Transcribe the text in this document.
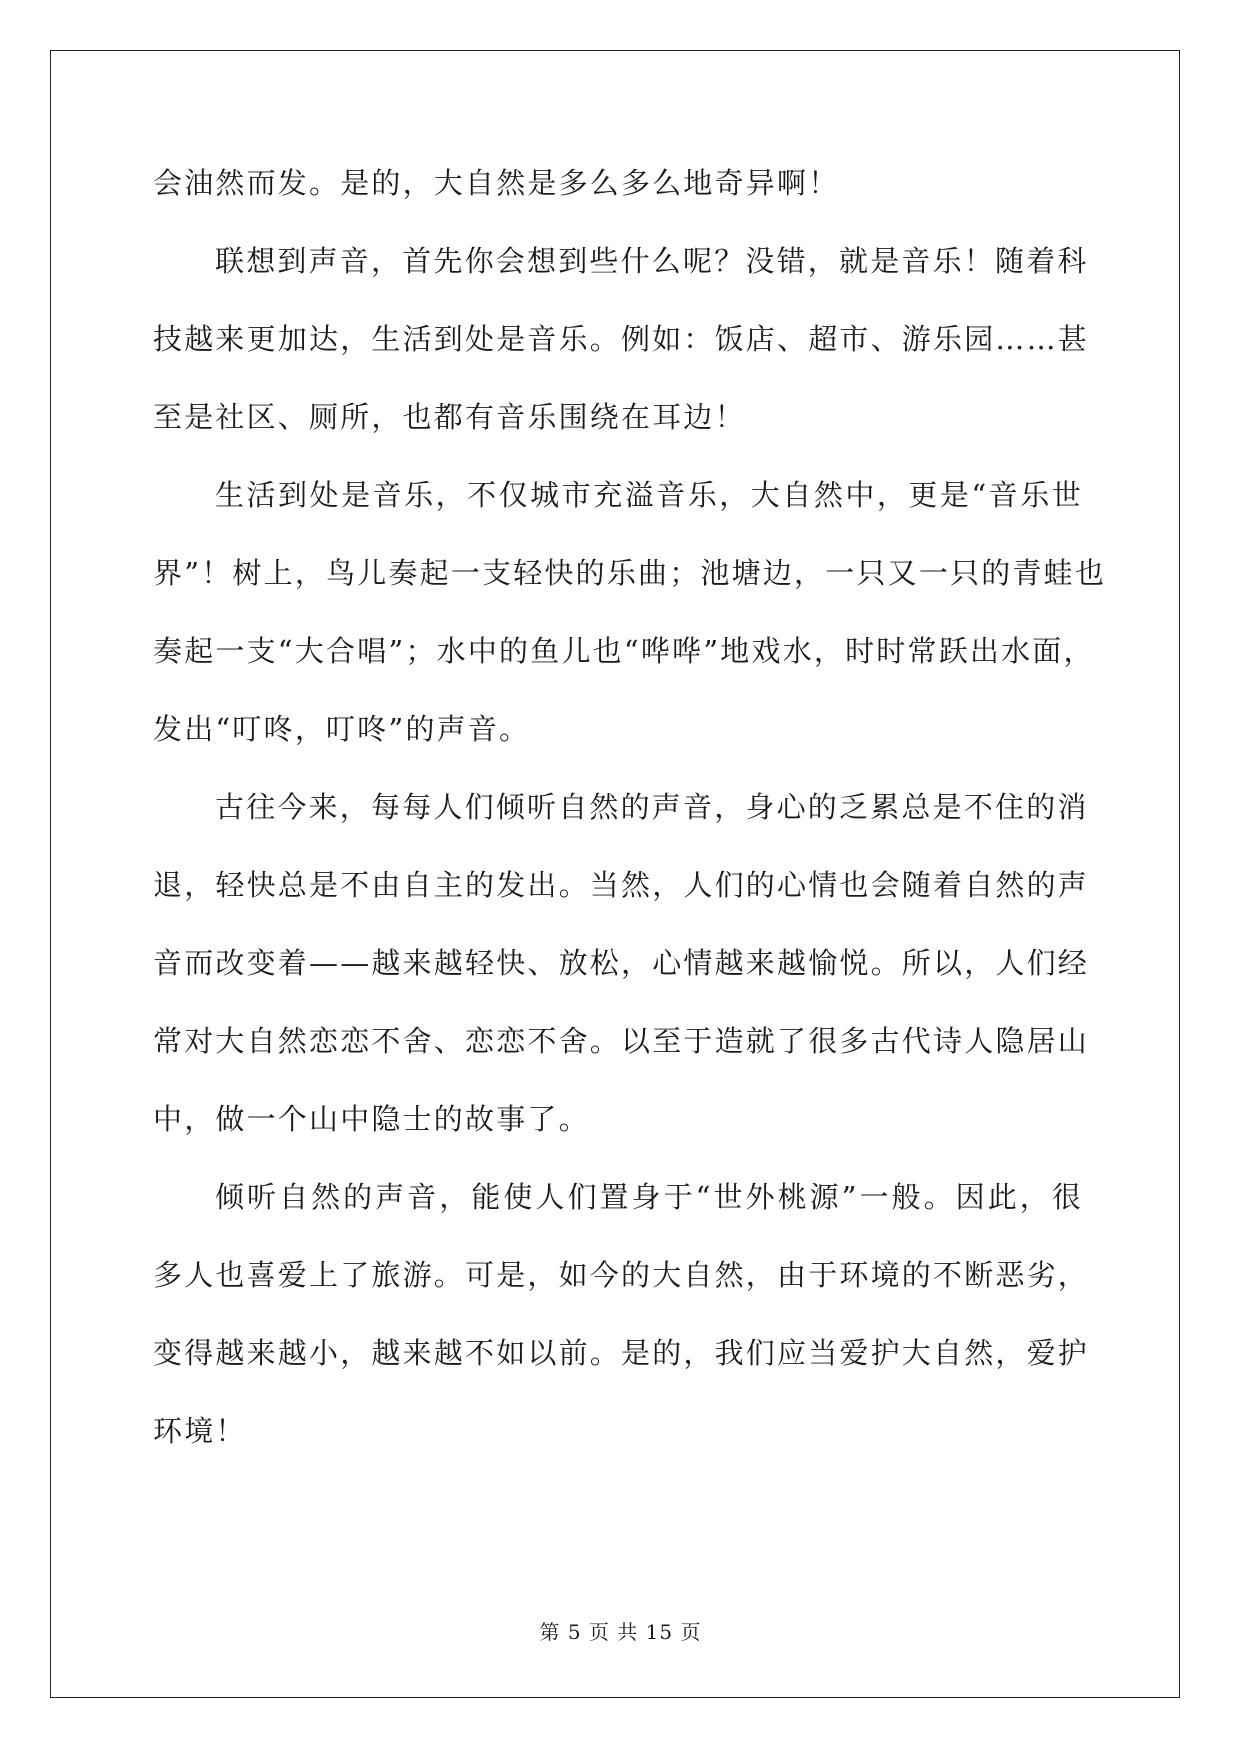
会油然而发。是的，大自然是多么多么地奇异啊！
联想到声音，首先你会想到些什么呢？没错，就是音乐！随着科
技越来更加达，生活到处是音乐。例如：饭店、超市、游乐园……甚
至是社区、厕所，也都有音乐围绕在耳边！
生活到处是音乐，不仅城市充溢音乐，大自然中，更是“音乐世
界”！树上，鸟儿奏起一支轻快的乐曲；池塘边，一只又一只的青蛙也
奏起一支“大合唱”；水中的鱼儿也“哗哗”地戏水，时时常跃出水面，
发出“叮咚，叮咚”的声音。
古往今来，每每人们倾听自然的声音，身心的乏累总是不住的消
退，轻快总是不由自主的发出。当然，人们的心情也会随着自然的声
音而改变着——越来越轻快、放松，心情越来越愉悦。所以，人们经
常对大自然恋恋不舍、恋恋不舍。以至于造就了很多古代诗人隐居山
中，做一个山中隐士的故事了。
倾听自然的声音，能使人们置身于“世外桃源”一般。因此，很
多人也喜爱上了旅游。可是，如今的大自然，由于环境的不断恶劣，
变得越来越小，越来越不如以前。是的，我们应当爱护大自然，爱护
环境！
第 5 页 共 15 页
